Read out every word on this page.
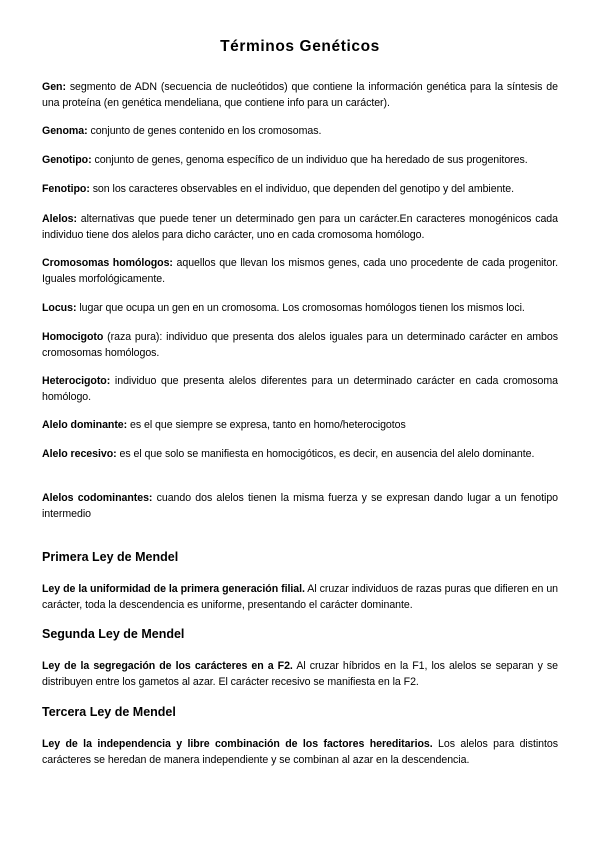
Términos Genéticos

Gen: segmento de ADN (secuencia de nucleótidos) que contiene la información genética para la síntesis de una proteína (en genética mendeliana, que contiene info para un carácter).

Genoma: conjunto de genes contenido en los cromosomas.

Genotipo: conjunto de genes, genoma específico de un individuo que ha heredado de sus progenitores.

Fenotipo: son los caracteres observables en el individuo, que dependen del genotipo y del ambiente.

Alelos: alternativas que puede tener un determinado gen para un carácter.En caracteres monogénicos cada individuo tiene dos alelos para dicho carácter, uno en cada cromosoma homólogo.

Cromosomas homólogos: aquellos que llevan los mismos genes, cada uno procedente de cada progenitor. Iguales morfológicamente.

Locus: lugar que ocupa un gen en un cromosoma. Los cromosomas homólogos tienen los mismos loci.

Homocigoto (raza pura): individuo que presenta dos alelos iguales para un determinado carácter en ambos cromosomas homólogos.

Heterocigoto: individuo que presenta alelos diferentes para un determinado carácter en cada cromosoma homólogo.

Alelo dominante: es el que siempre se expresa, tanto en homo/heterocigotos

Alelo recesivo: es el que solo se manifiesta en homocigóticos, es decir, en ausencia del alelo dominante.

Alelos codominantes: cuando dos alelos tienen la misma fuerza y se expresan dando lugar a un fenotipo intermedio

Primera Ley de Mendel

Ley de la uniformidad de la primera generación filial. Al cruzar individuos de razas puras que difieren en un carácter, toda la descendencia es uniforme, presentando el carácter dominante.

Segunda Ley de Mendel

Ley de la segregación de los carácteres en a F2. Al cruzar híbridos en la F1, los alelos se separan y se distribuyen entre los gametos al azar. El carácter recesivo se manifiesta en la F2.

Tercera Ley de Mendel

Ley de la independencia y libre combinación de los factores hereditarios. Los alelos para distintos carácteres se heredan de manera independiente y se combinan al azar en la descendencia.
